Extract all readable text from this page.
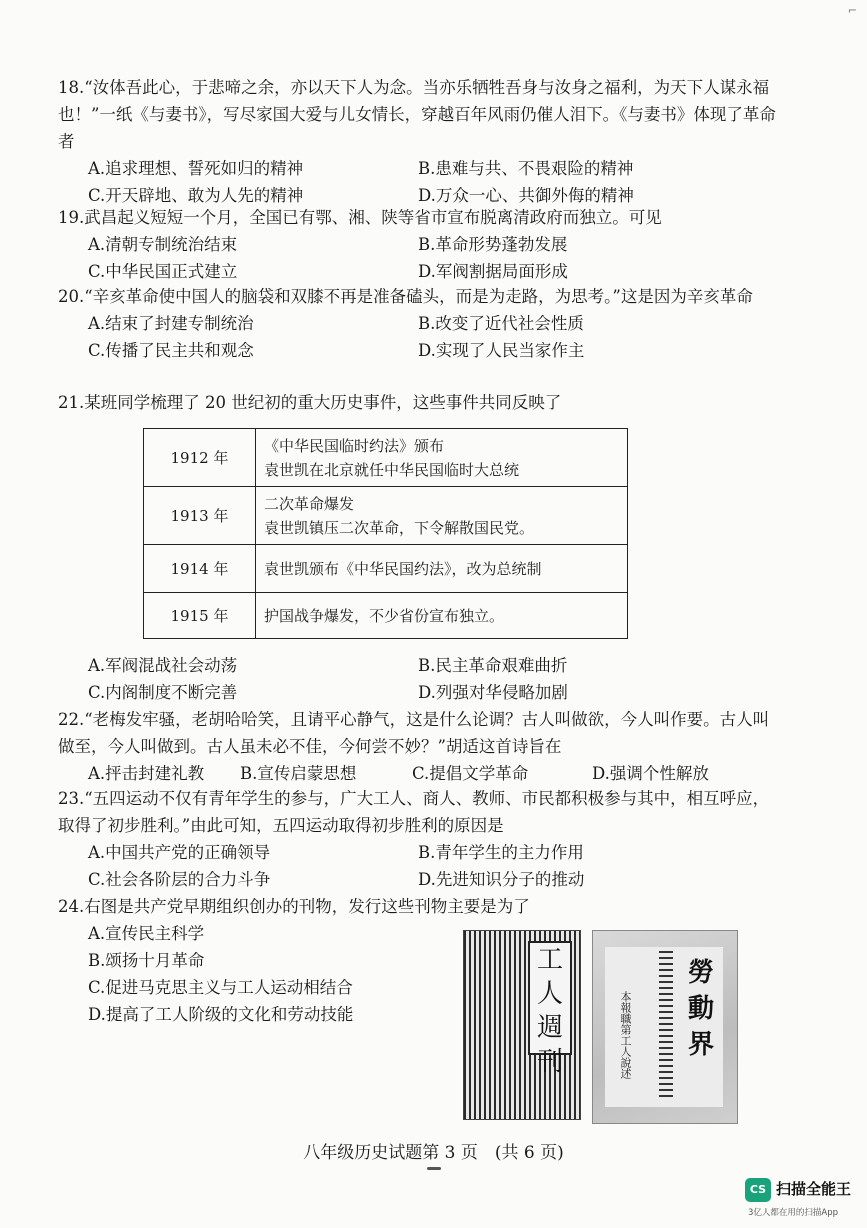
⌐

18.“汝体吾此心，于悲啼之余，亦以天下人为念。当亦乐牺牲吾身与汝身之福利，为天下人谋永福也！”一纸《与妻书》，写尽家国大爱与儿女情长，穿越百年风雨仍催人泪下。《与妻书》体现了革命者

A.追求理想、誓死如归的精神	B.患难与共、不畏艰险的精神
C.开天辟地、敢为人先的精神	D.万众一心、共御外侮的精神

19.武昌起义短短一个月，全国已有鄂、湘、陕等省市宣布脱离清政府而独立。可见

A.清朝专制统治结束	B.革命形势蓬勃发展
C.中华民国正式建立	D.军阀割据局面形成

20.“辛亥革命使中国人的脑袋和双膝不再是准备磕头，而是为走路，为思考。”这是因为辛亥革命

A.结束了封建专制统治	B.改变了近代社会性质
C.传播了民主共和观念	D.实现了人民当家作主

21.某班同学梳理了 20 世纪初的重大历史事件，这些事件共同反映了

1912 年	《中华民国临时约法》颁布
袁世凯在北京就任中华民国临时大总统

1913 年	二次革命爆发
袁世凯镇压二次革命，下令解散国民党。

1914 年	袁世凯颁布《中华民国约法》，改为总统制

1915 年	护国战争爆发，不少省份宣布独立。
A.军阀混战社会动荡	B.民主革命艰难曲折
C.内阁制度不断完善	D.列强对华侵略加剧

22.“老梅发牢骚，老胡哈哈笑，且请平心静气，这是什么论调？古人叫做欲，今人叫作要。古人叫做至，今人叫做到。古人虽未必不佳，今何尝不妙？”胡适这首诗旨在

A.抨击封建礼教	B.宣传启蒙思想	C.提倡文学革命	D.强调个性解放

23.“五四运动不仅有青年学生的参与，广大工人、商人、教师、市民都积极参与其中，相互呼应，取得了初步胜利。”由此可知，五四运动取得初步胜利的原因是

A.中国共产党的正确领导	B.青年学生的主力作用
C.社会各阶层的合力斗争	D.先进知识分子的推动

24.右图是共产党早期组织创办的刊物，发行这些刊物主要是为了

A.宣传民主科学
B.颂扬十月革命
C.促进马克思主义与工人运动相结合
D.提高了工人阶级的文化和劳动技能
工人週刊	本報職第工人說述
勞動界
八年级历史试题第 3 页　(共 6 页)
CS 扫描全能王
3亿人都在用的扫描App
